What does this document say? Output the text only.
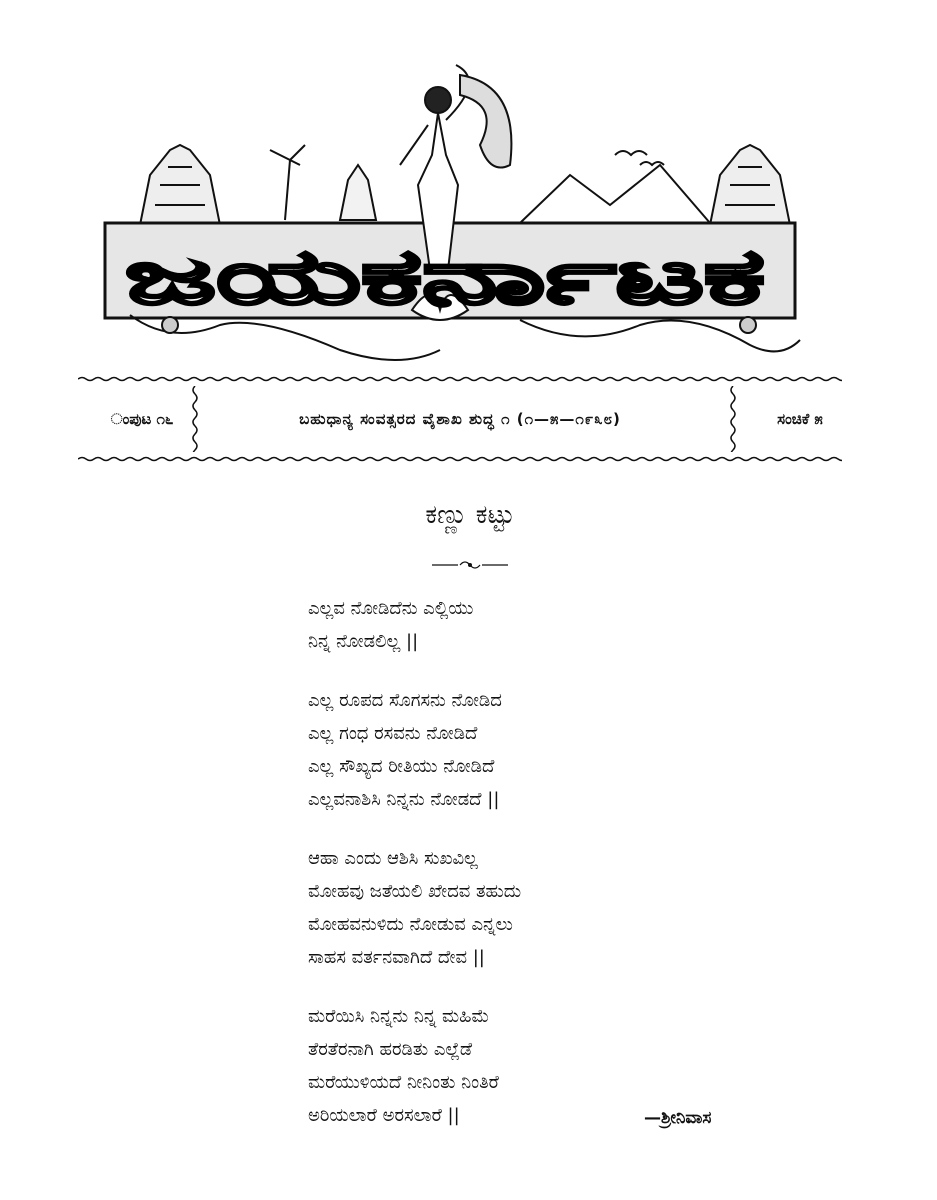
ಜಯಕರ್ನಾಟಕ
ಂಪುಟ ೧೬	ಬಹುಧಾನ್ಯ ಸಂವತ್ಸರದ ವೈಶಾಖ ಶುದ್ಧ ೧ (೧—೫—೧೯೩೮)	ಸಂಚಿಕೆ ೫
ಕಣ್ಣು ಕಟ್ಟು
ಎಲ್ಲವ ನೋಡಿದೆನು ಎಲ್ಲಿಯು
ನಿನ್ನ ನೋಡಲಿಲ್ಲ ||
ಎಲ್ಲ ರೂಪದ ಸೊಗಸನು ನೋಡಿದ
ಎಲ್ಲ ಗಂಧ ರಸವನು ನೋಡಿದೆ
ಎಲ್ಲ ಸೌಖ್ಯದ ರೀತಿಯು ನೋಡಿದೆ
ಎಲ್ಲವನಾಶಿಸಿ ನಿನ್ನನು ನೋಡದೆ ||
ಆಹಾ ಎಂದು ಆಶಿಸಿ ಸುಖವಿಲ್ಲ
ಮೋಹವು ಜತೆಯಲಿ ಖೇದವ ತಹುದು
ಮೋಹವನುಳಿದು ನೋಡುವ ಎನ್ನಲು
ಸಾಹಸ ವರ್ತನವಾಗಿದೆ ದೇವ ||
ಮರೆಯಿಸಿ ನಿನ್ನನು ನಿನ್ನ ಮಹಿಮೆ
ತೆರತೆರನಾಗಿ ಹರಡಿತು ಎಲ್ಲೆಡೆ
ಮರೆಯುಳಿಯದೆ ನೀನಿಂತು ನಿಂತಿರೆ
ಅರಿಯಲಾರೆ ಅರಸಲಾರೆ ||	—ಶ್ರೀನಿವಾಸ
